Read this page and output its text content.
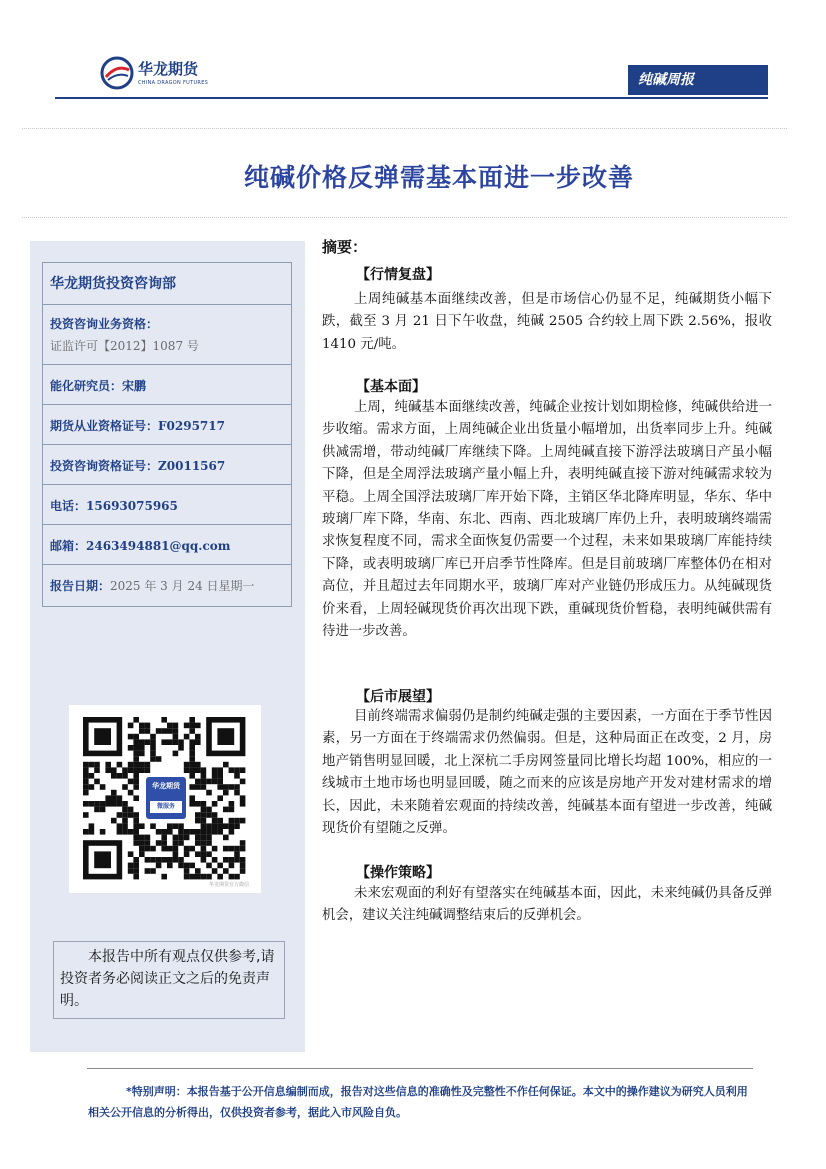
华龙期货
CHINA DRAGON FUTURES	纯碱周报
纯碱价格反弹需基本面进一步改善
华龙期货投资咨询部
投资咨询业务资格：
证监许可【2012】1087 号
能化研究员：宋鹏
期货从业资格证号：F0295717
投资咨询资格证号：Z0011567
电话：15693075965
邮箱：2463494881@qq.com
报告日期：2025 年 3 月 24 日星期一
华龙期货
微服务
华龙期货官方微信
本报告中所有观点仅供参考,请投资者务必阅读正文之后的免责声明。
摘要：
【行情复盘】

上周纯碱基本面继续改善，但是市场信心仍显不足，纯碱期货小幅下跌，截至 3 月 21 日下午收盘，纯碱 2505 合约较上周下跌 2.56%，报收 1410 元/吨。

【基本面】

上周，纯碱基本面继续改善，纯碱企业按计划如期检修，纯碱供给进一步收缩。需求方面，上周纯碱企业出货量小幅增加，出货率同步上升。纯碱供减需增，带动纯碱厂库继续下降。上周纯碱直接下游浮法玻璃日产虽小幅下降，但是全周浮法玻璃产量小幅上升，表明纯碱直接下游对纯碱需求较为平稳。上周全国浮法玻璃厂库开始下降，主销区华北降库明显，华东、华中玻璃厂库下降，华南、东北、西南、西北玻璃厂库仍上升，表明玻璃终端需求恢复程度不同，需求全面恢复仍需要一个过程，未来如果玻璃厂库能持续下降，或表明玻璃厂库已开启季节性降库。但是目前玻璃厂库整体仍在相对高位，并且超过去年同期水平，玻璃厂库对产业链仍形成压力。从纯碱现货价来看，上周轻碱现货价再次出现下跌，重碱现货价暂稳，表明纯碱供需有待进一步改善。

【后市展望】

目前终端需求偏弱仍是制约纯碱走强的主要因素，一方面在于季节性因素，另一方面在于终端需求仍然偏弱。但是，这种局面正在改变，2 月，房地产销售明显回暖，北上深杭二手房网签量同比增长均超 100%，相应的一线城市土地市场也明显回暖，随之而来的应该是房地产开发对建材需求的增长，因此，未来随着宏观面的持续改善，纯碱基本面有望进一步改善，纯碱现货价有望随之反弹。

【操作策略】

未来宏观面的利好有望落实在纯碱基本面，因此，未来纯碱仍具备反弹机会，建议关注纯碱调整结束后的反弹机会。

*特别声明：本报告基于公开信息编制而成，报告对这些信息的准确性及完整性不作任何保证。本文中的操作建议为研究人员利用相关公开信息的分析得出，仅供投资者参考，据此入市风险自负。
